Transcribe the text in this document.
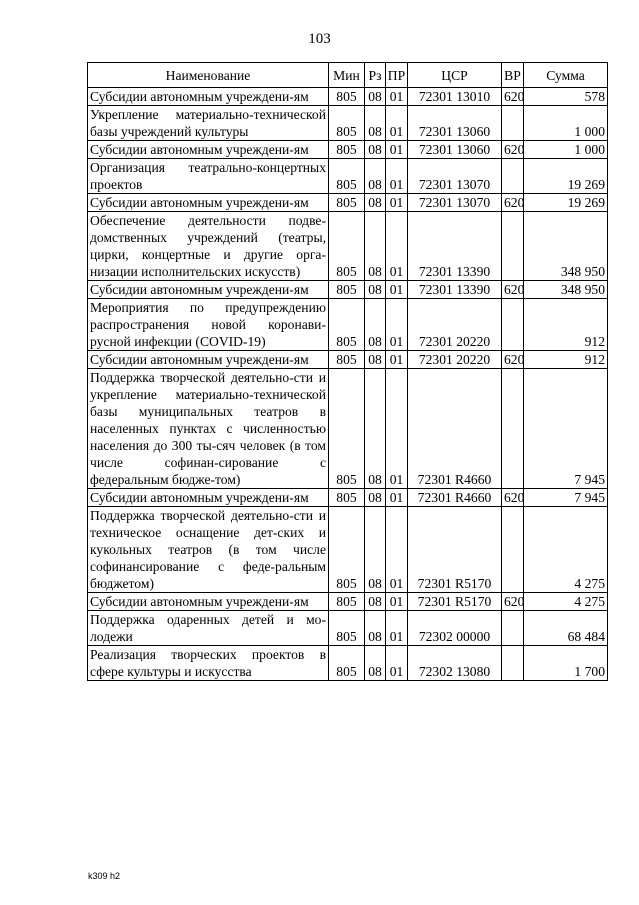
103
Наименование	Мин	Рз	ПР	ЦСР	ВР	Сумма
Субсидии автономным учреждени-ям	805	08	01	72301 13010	620	578
Укрепление материально-технической базы учреждений культуры	805	08	01	72301 13060		1 000
Субсидии автономным учреждени-ям	805	08	01	72301 13060	620	1 000
Организация театрально-концертных проектов	805	08	01	72301 13070		19 269
Субсидии автономным учреждени-ям	805	08	01	72301 13070	620	19 269
Обеспечение деятельности подве-домственных учреждений (театры, цирки, концертные и другие орга-низации исполнительских искусств)	805	08	01	72301 13390		348 950
Субсидии автономным учреждени-ям	805	08	01	72301 13390	620	348 950
Мероприятия по предупреждению распространения новой коронави-русной инфекции (COVID-19)	805	08	01	72301 20220		912
Субсидии автономным учреждени-ям	805	08	01	72301 20220	620	912
Поддержка творческой деятельно-сти и укрепление материально-технической базы муниципальных театров в населенных пунктах с численностью населения до 300 ты-сяч человек (в том числе софинан-сирование с федеральным бюдже-том)	805	08	01	72301 R4660		7 945
Субсидии автономным учреждени-ям	805	08	01	72301 R4660	620	7 945
Поддержка творческой деятельно-сти и техническое оснащение дет-ских и кукольных театров (в том числе софинансирование с феде-ральным бюджетом)	805	08	01	72301 R5170		4 275
Субсидии автономным учреждени-ям	805	08	01	72301 R5170	620	4 275
Поддержка одаренных детей и мо-лодежи	805	08	01	72302 00000		68 484
Реализация творческих проектов в сфере культуры и искусства	805	08	01	72302 13080		1 700
k309 h2
